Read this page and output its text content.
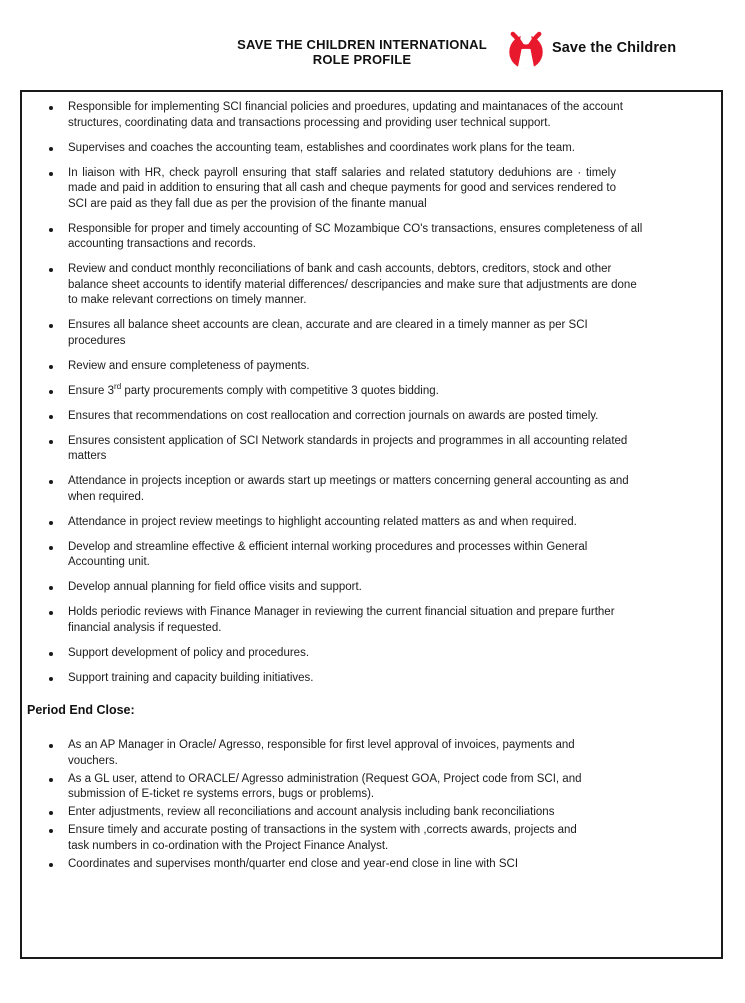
SAVE THE CHILDREN INTERNATIONAL
ROLE PROFILE
Save the Children
Responsible for implementing SCI financial policies and proedures, updating and maintanaces of the account structures, coordinating data and transactions processing and providing user technical support.
Supervises and coaches the accounting team, establishes and coordinates work plans for the team.
In liaison with HR, check payroll ensuring that staff salaries and related statutory deduhions are · timely made and paid in addition to ensuring that all cash and cheque payments for good and services rendered to SCI are paid as they fall due as per the provision of the finante manual
Responsible for proper and timely accounting of SC Mozambique CO's transactions, ensures completeness of all accounting transactions and records.
Review and conduct monthly reconciliations of bank and cash accounts, debtors, creditors, stock and other balance sheet accounts to identify material differences/ descripancies and make sure that adjustments are done to make relevant corrections on timely manner.
Ensures all balance sheet accounts are clean, accurate and are cleared in a timely manner as per SCI procedures
Review and ensure completeness of payments.
Ensure 3rd party procurements comply with competitive 3 quotes bidding.
Ensures that recommendations on cost reallocation and correction journals on awards are posted timely.
Ensures consistent application of SCI Network standards in projects and programmes in all accounting related matters
Attendance in projects inception or awards start up meetings or matters concerning general accounting as and when required.
Attendance in project review meetings to highlight accounting related matters as and when required.
Develop and streamline effective & efficient internal working procedures and processes within General Accounting unit.
Develop annual planning for field office visits and support.
Holds periodic reviews with Finance Manager in reviewing the current financial situation and prepare further financial analysis if requested.
Support development of policy and procedures.
Support training and capacity building initiatives.
Period End Close:
As an AP Manager in Oracle/ Agresso, responsible for first level approval of invoices, payments and vouchers.
As a GL user, attend to ORACLE/ Agresso administration (Request GOA, Project code from SCI, and submission of E-ticket re systems errors, bugs or problems).
Enter adjustments, review all reconciliations and account analysis including bank reconciliations
Ensure timely and accurate posting of transactions in the system with ,corrects awards, projects and task numbers in co-ordination with the Project Finance Analyst.
Coordinates and supervises month/quarter end close and year-end close in line with SCI
